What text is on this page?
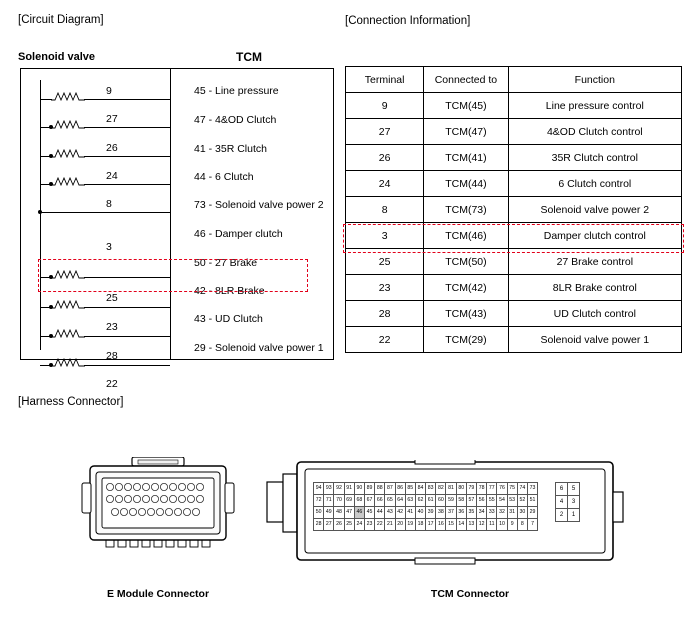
[Circuit Diagram]	[Connection Information]
[Harness Connector]
Solenoid valve	TCM
9
27
26
24
8
3
25
23
28
22
45 - Line pressure
47 - 4&OD Clutch
41 - 35R Clutch
44 - 6 Clutch
73 - Solenoid valve power 2
46 - Damper clutch
50 - 27 Brake
42 - 8LR Brake
43 - UD Clutch
29 - Solenoid valve power 1
Terminal	Connected to	Function
9	TCM(45)	Line pressure control
27	TCM(47)	4&OD Clutch control
26	TCM(41)	35R Clutch control
24	TCM(44)	6 Clutch control
8	TCM(73)	Solenoid valve power 2
3	TCM(46)	Damper clutch control
25	TCM(50)	27 Brake control
23	TCM(42)	8LR Brake control
28	TCM(43)	UD Clutch control
22	TCM(29)	Solenoid valve power 1
94	93	92	91	90	89	88	87	86	85	84	83	82	81	80	79	78	77	76	75	74	73
72	71	70	69	68	67	66	65	64	63	62	61	60	59	58	57	56	55	54	53	52	51
50	49	48	47	46	45	44	43	42	41	40	39	38	37	36	35	34	33	32	31	30	29
28	27	26	25	24	23	22	21	20	19	18	17	16	15	14	13	12	11	10	9	8	7
6	5
4	3
2	1
E Module Connector	TCM Connector
